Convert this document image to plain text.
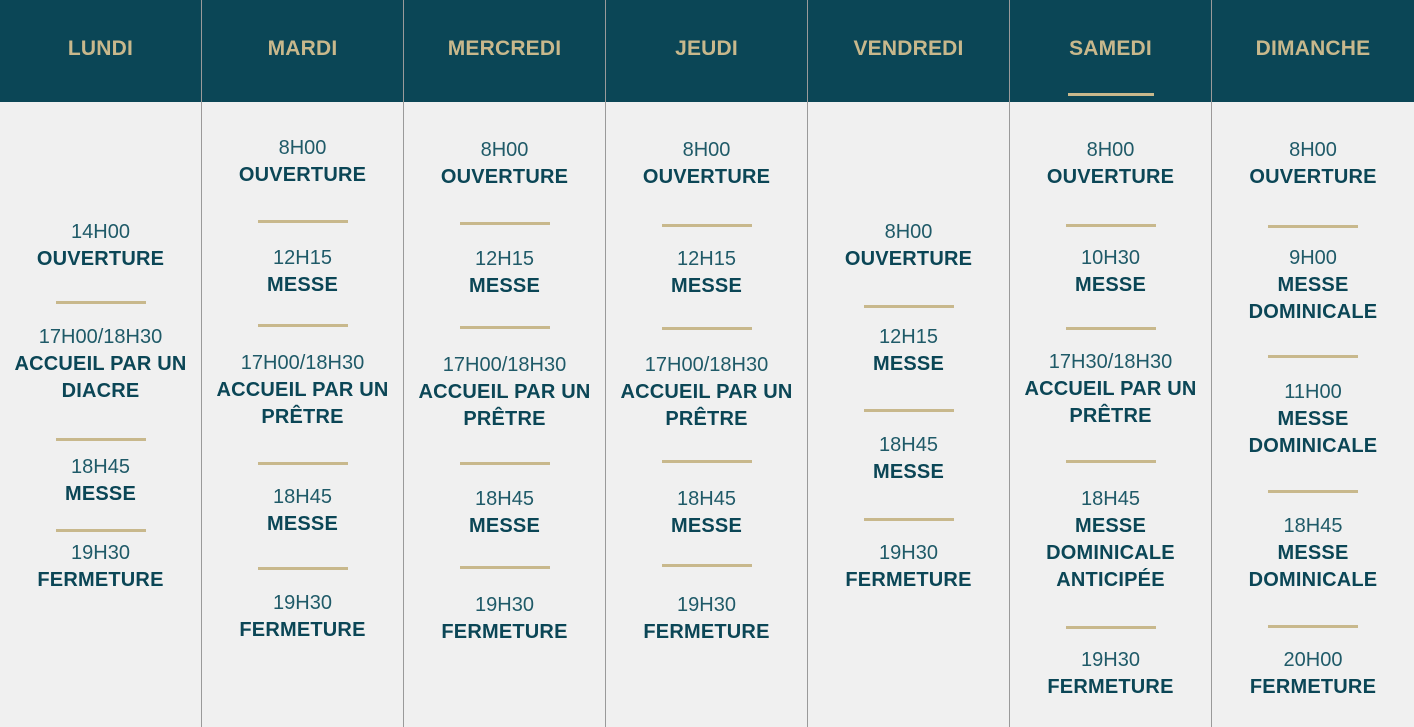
LUNDI
14H00
OUVERTURE
17H00/18H30
ACCUEIL PAR UN
DIACRE
18H45
MESSE
19H30
FERMETURE
MARDI
8H00
OUVERTURE
12H15
MESSE
17H00/18H30
ACCUEIL PAR UN
PRÊTRE
18H45
MESSE
19H30
FERMETURE
MERCREDI
8H00
OUVERTURE
12H15
MESSE
17H00/18H30
ACCUEIL PAR UN
PRÊTRE
18H45
MESSE
19H30
FERMETURE
JEUDI
8H00
OUVERTURE
12H15
MESSE
17H00/18H30
ACCUEIL PAR UN
PRÊTRE
18H45
MESSE
19H30
FERMETURE
VENDREDI
8H00
OUVERTURE
12H15
MESSE
18H45
MESSE
19H30
FERMETURE
SAMEDI
8H00
OUVERTURE
10H30
MESSE
17H30/18H30
ACCUEIL PAR UN
PRÊTRE
18H45
MESSE
DOMINICALE
ANTICIPÉE
19H30
FERMETURE
DIMANCHE
8H00
OUVERTURE
9H00
MESSE
DOMINICALE
11H00
MESSE
DOMINICALE
18H45
MESSE
DOMINICALE
20H00
FERMETURE
